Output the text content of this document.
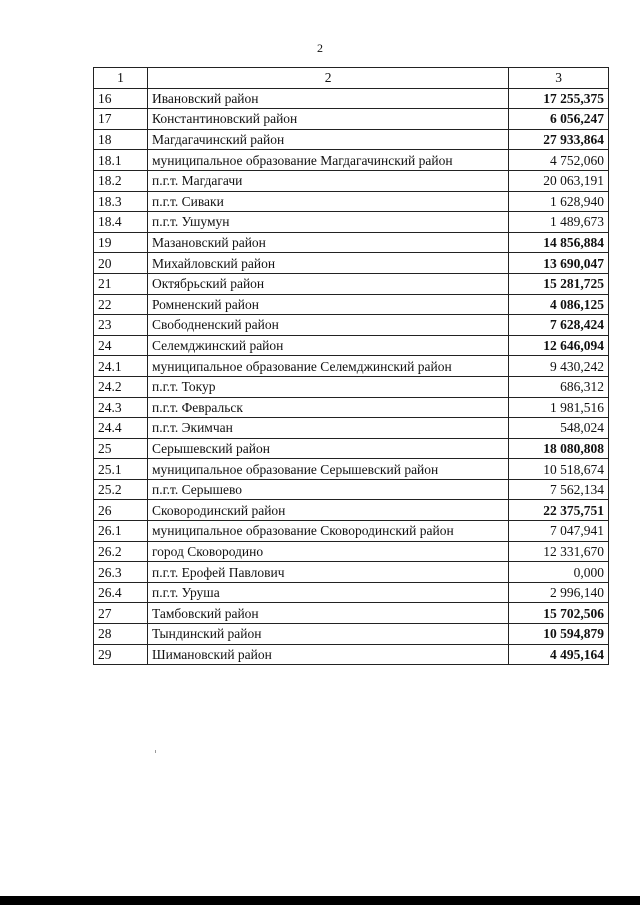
2
1	2	3
16	Ивановский район	17 255,375
17	Константиновский район	6 056,247
18	Магдагачинский район	27 933,864
18.1	муниципальное образование Магдагачинский район	4 752,060
18.2	п.г.т. Магдагачи	20 063,191
18.3	п.г.т. Сиваки	1 628,940
18.4	п.г.т. Ушумун	1 489,673
19	Мазановский район	14 856,884
20	Михайловский район	13 690,047
21	Октябрьский район	15 281,725
22	Ромненский район	4 086,125
23	Свободненский район	7 628,424
24	Селемджинский район	12 646,094
24.1	муниципальное образование Селемджинский район	9 430,242
24.2	п.г.т. Токур	686,312
24.3	п.г.т. Февральск	1 981,516
24.4	п.г.т. Экимчан	548,024
25	Серышевский район	18 080,808
25.1	муниципальное образование Серышевский район	10 518,674
25.2	п.г.т. Серышево	7 562,134
26	Сковородинский район	22 375,751
26.1	муниципальное образование Сковородинский район	7 047,941
26.2	город Сковородино	12 331,670
26.3	п.г.т. Ерофей Павлович	0,000
26.4	п.г.т. Уруша	2 996,140
27	Тамбовский район	15 702,506
28	Тындинский район	10 594,879
29	Шимановский район	4 495,164
